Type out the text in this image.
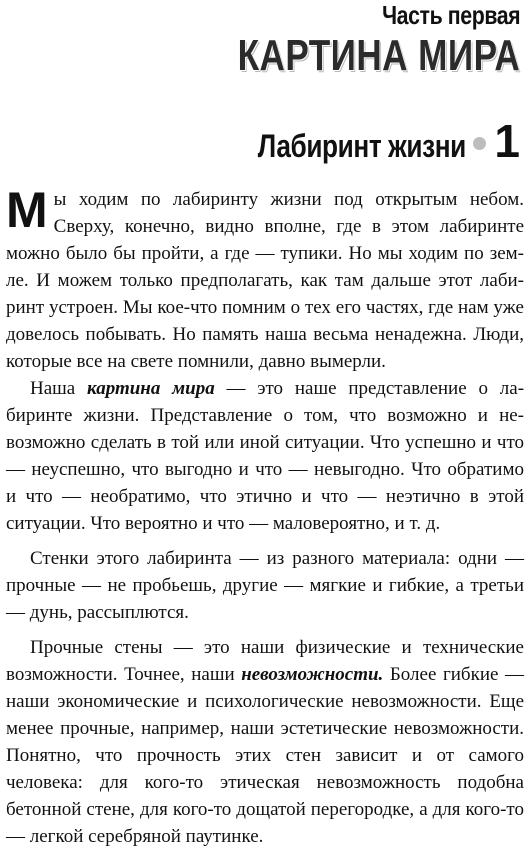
Часть первая
КАРТИНА МИРА
Лабиринт жизни 1

Мы ходим по лабиринту жизни под открытым небом. Сверху, конечно, видно вполне, где в этом лабиринте можно было бы пройти, а где — тупики. Но мы ходим по земле. И можем только предполагать, как там дальше этот лабиринт устроен. Мы кое-что помним о тех его частях, где нам уже довелось побывать. Но память наша весьма ненадежна. Люди, которые все на свете помнили, давно вымерли.

Наша картина мира — это наше представление о лабиринте жизни. Представление о том, что возможно и невозможно сделать в той или иной ситуации. Что успешно и что — неуспешно, что выгодно и что — невыгодно. Что обратимо и что — необратимо, что этично и что — неэтично в этой ситуации. Что вероятно и что — маловероятно, и т. д.

Стенки этого лабиринта — из разного материала: одни — прочные — не пробьешь, другие — мягкие и гибкие, а третьи — дунь, рассыплются.

Прочные стены — это наши физические и технические возможности. Точнее, наши невозможности. Более гибкие — наши экономические и психологические невозможности. Еще менее прочные, например, наши эстетические невозможности. Понятно, что прочность этих стен зависит и от самого человека: для кого-то этическая невозможность подобна бетонной стене, для кого-то дощатой перегородке, а для кого-то — легкой серебряной паутинке.
